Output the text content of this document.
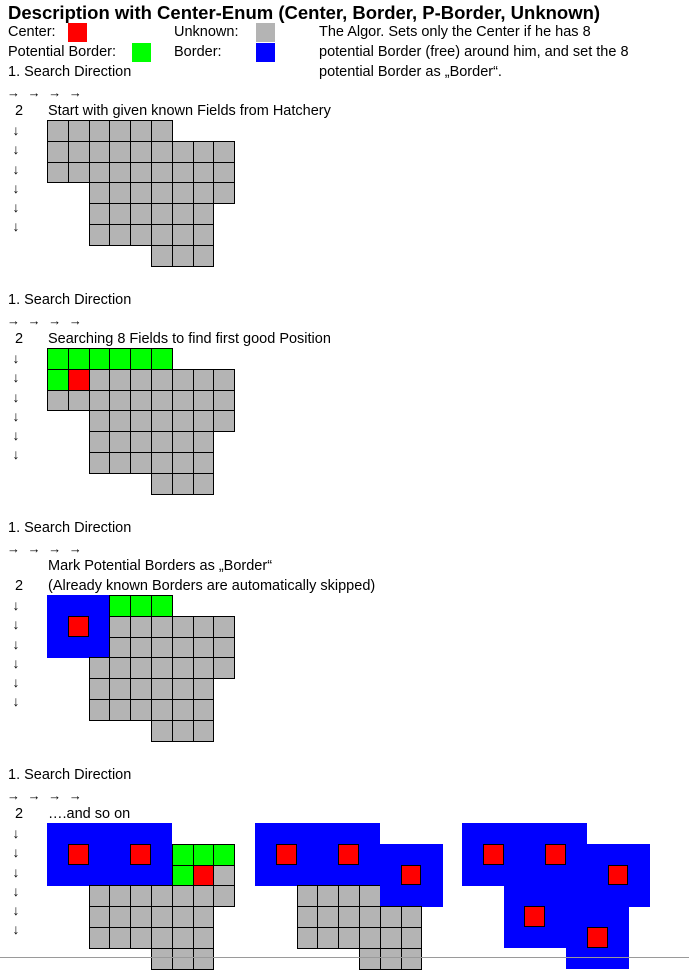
Description with Center-Enum (Center, Border, P-Border, Unknown)
Center:	Unknown:
Potential Border:	Border:
The Algor. Sets only the Center if he has 8
potential Border (free) around him, and set the 8
potential Border as „Border“.
1. Search Direction
→ → → →
2 Start with given known Fields from Hatchery
↓
↓
↓
↓
↓
↓
1. Search Direction
→ → → →
2 Searching 8 Fields to find first good Position
↓
↓
↓
↓
↓
↓
1. Search Direction
→ → → →
Mark Potential Borders as „Border“
2 (Already known Borders are automatically skipped)
↓
↓
↓
↓
↓
↓
1. Search Direction
→ → → →
2 ….and so on
↓
↓
↓
↓
↓
↓
